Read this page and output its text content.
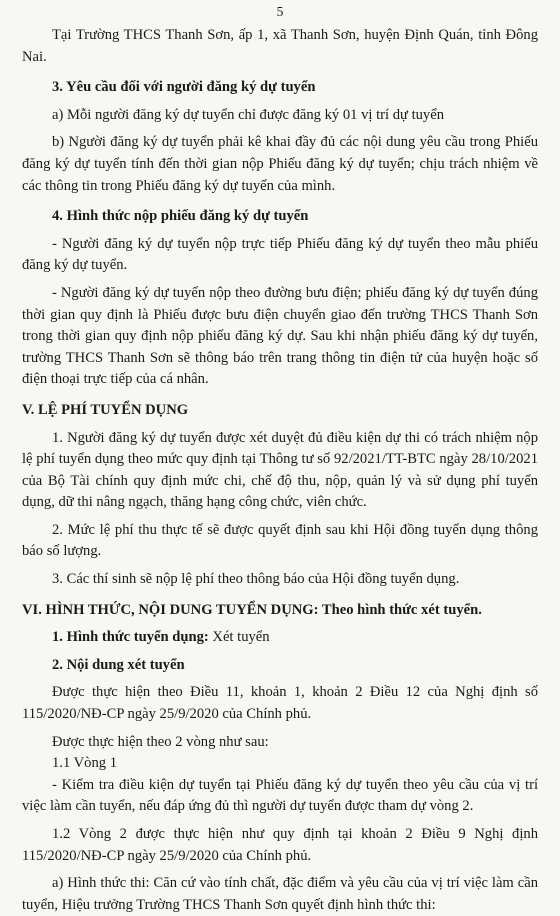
5

Tại Trường THCS Thanh Sơn, ấp 1, xã Thanh Sơn, huyện Định Quán, tỉnh Đông Nai.

3. Yêu cầu đối với người đăng ký dự tuyển

a) Mỗi người đăng ký dự tuyển chỉ được đăng ký 01 vị trí dự tuyển

b) Người đăng ký dự tuyển phải kê khai đầy đủ các nội dung yêu cầu trong Phiếu đăng ký dự tuyển tính đến thời gian nộp Phiếu đăng ký dự tuyển; chịu trách nhiệm về các thông tin trong Phiếu đăng ký dự tuyển của mình.

4. Hình thức nộp phiếu đăng ký dự tuyển

- Người đăng ký dự tuyển nộp trực tiếp Phiếu đăng ký dự tuyển theo mẫu phiếu đăng ký dự tuyển.

- Người đăng ký dự tuyển nộp theo đường bưu điện; phiếu đăng ký dự tuyển đúng thời gian quy định là Phiếu được bưu điện chuyển giao đến trường THCS Thanh Sơn trong thời gian quy định nộp phiếu đăng ký dự. Sau khi nhận phiếu đăng ký dự tuyển, trường THCS Thanh Sơn sẽ thông báo trên trang thông tin điện tử của huyện hoặc số điện thoại trực tiếp của cá nhân.

V. LỆ PHÍ TUYỂN DỤNG

1. Người đăng ký dự tuyển được xét duyệt đủ điều kiện dự thi có trách nhiệm nộp lệ phí tuyển dụng theo mức quy định tại Thông tư số 92/2021/TT-BTC ngày 28/10/2021 của Bộ Tài chính quy định mức chi, chế độ thu, nộp, quản lý và sử dụng phí tuyển dụng, dữ thi nâng ngạch, thăng hạng công chức, viên chức.

2. Mức lệ phí thu thực tế sẽ được quyết định sau khi Hội đồng tuyển dụng thông báo số lượng.

3. Các thí sinh sẽ nộp lệ phí theo thông báo của Hội đồng tuyển dụng.

VI. HÌNH THỨC, NỘI DUNG TUYỂN DỤNG: Theo hình thức xét tuyển.

1. Hình thức tuyển dụng: Xét tuyển

2. Nội dung xét tuyển

Được thực hiện theo Điều 11, khoản 1, khoản 2 Điều 12 của Nghị định số 115/2020/NĐ-CP ngày 25/9/2020 của Chính phủ.

Được thực hiện theo 2 vòng như sau:

1.1 Vòng 1

- Kiểm tra điều kiện dự tuyển tại Phiếu đăng ký dự tuyển theo yêu cầu của vị trí việc làm cần tuyển, nếu đáp ứng đủ thì người dự tuyển được tham dự vòng 2.

1.2 Vòng 2 được thực hiện như quy định tại khoản 2 Điều 9 Nghị định 115/2020/NĐ-CP ngày 25/9/2020 của Chính phủ.

a) Hình thức thi: Căn cứ vào tính chất, đặc điểm và yêu cầu của vị trí việc làm cần tuyển, Hiệu trưởng Trường THCS Thanh Sơn quyết định hình thức thi:
